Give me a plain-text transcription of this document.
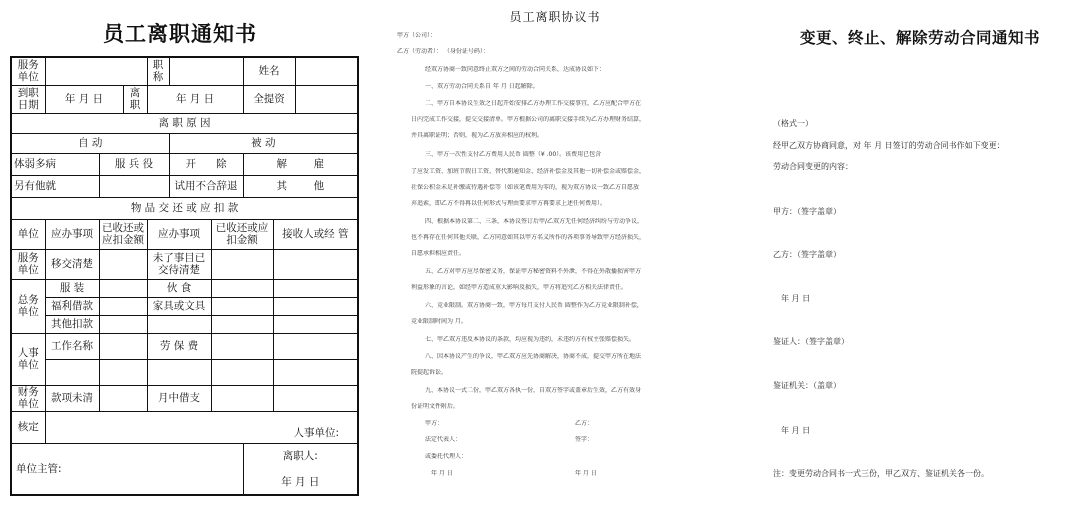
员工离职通知书
服务单位				职称			姓名		
到职日期	年 月 日		离职	年 月 日			全提资		
离 职 原 因									
自 动					被 动				
体弱多病		服 兵 役			开 除		解 雇		
另有他就					试用不合辞退		其 他		
物 品 交 还 或 应 扣 款									
单位	应办事项	已收还或应扣金额		应办事项		已收还或应扣金额		接收人或经 管	
服务单位	移交清楚			未了事目已交待清楚					
总务单位	服 装			伙 食					
	福利借款			家具或文具					
	其他扣款								
人事单位	工作名称			劳 保 费					

财务单位	款项未清			月中借支					
核定	人事单位:								
单位主管:							离职人:
年 月 日		
员工离职协议书
甲方（公司）：
乙方（劳动者）： （身份证号码）：
经双方协商一致同意终止双方之间的劳动合同关系，达成协议如下：
一、双方劳动合同关系自 年 月 日起解除。
二、甲方自本协议生效之日起开始安排乙方办理工作交接事宜，乙方应配合甲方在
日内完成工作交接，提交交接清单。甲方根据公司的离职交接手续为乙方办理财务结算，
并具离职证明；否则，视为乙方放弃相应的权利。
三、甲方一次性支付乙方费用人民币 圆整（¥ .00）。该费用已包含
了应发工资、加班节假日工资、替代期通知金、经济补偿金及其他一切补偿金或赔偿金，
社保公积金未足补缴或待遇补偿等（如该笔费用为零的，视为双方协议一致乙方自愿放
弃追索，即乙方不得再以任何形式与理由要求甲方再要求上述任何费用）。
四、根据本协议第二、三条，本协议签订后甲/乙双方无任何经济纠纷与劳动争议，
也不再存在任何其他关联，乙方同意如其以甲方名义所作的各项事务导致甲方经济损失，
自愿承担相应责任。
五、乙方对甲方应尽保密义务，保证甲方秘密资料不外泄，不得在外散播损害甲方
利益形象的言论，如经甲方造成重大影响及损失，甲方将追究乙方相关法律责任。
六、竞业限制。双方协商一致，甲方每月支付人民币 圆整作为乙方竞业限制补偿，
竞业限制时间为 月。
七、甲乙双方违反本协议的条款，均应视为违约，未违约方有权主张赔偿损失。
八、因本协议产生的争议，甲乙双方应先协商解决，协商不成，提交甲方所在地法
院提起诉讼。
九、本协议一式二份，甲乙双方各执一份，自双方签字或盖章后生效，乙方有效身
份证明文件附后。
甲方：	乙方：
法定代表人：	签字：
或委托代理人：
年 月 日	年 月 日
变更、终止、解除劳动合同通知书
（格式一）
经甲乙双方协商同意，对 年 月 日签订的劳动合同书作如下变更：
劳动合同变更的内容：
甲方：（签字盖章）
乙方：（签字盖章）
年 月 日
鉴证人：（签字盖章）
鉴证机关：（盖章）
年 月 日
注：变更劳动合同书一式三份，甲乙双方、鉴证机关各一份。
